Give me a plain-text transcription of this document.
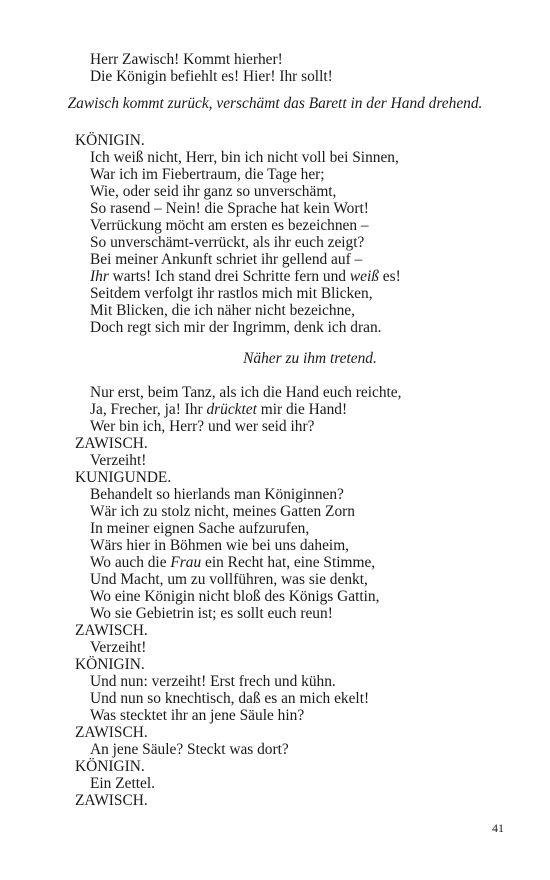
Herr Zawisch! Kommt hierher!
Die Königin befiehlt es! Hier! Ihr sollt!
Zawisch kommt zurück, verschämt das Barett in der Hand drehend.
KÖNIGIN.
Ich weiß nicht, Herr, bin ich nicht voll bei Sinnen,
War ich im Fiebertraum, die Tage her;
Wie, oder seid ihr ganz so unverschämt,
So rasend – Nein! die Sprache hat kein Wort!
Verrückung möcht am ersten es bezeichnen –
So unverschämt-verrückt, als ihr euch zeigt?
Bei meiner Ankunft schriet ihr gellend auf –
Ihr warts! Ich stand drei Schritte fern und weiß es!
Seitdem verfolgt ihr rastlos mich mit Blicken,
Mit Blicken, die ich näher nicht bezeichne,
Doch regt sich mir der Ingrimm, denk ich dran.
Näher zu ihm tretend.
Nur erst, beim Tanz, als ich die Hand euch reichte,
Ja, Frecher, ja! Ihr drücktet mir die Hand!
Wer bin ich, Herr? und wer seid ihr?
ZAWISCH.
Verzeiht!
KUNIGUNDE.
Behandelt so hierlands man Königinnen?
Wär ich zu stolz nicht, meines Gatten Zorn
In meiner eignen Sache aufzurufen,
Wärs hier in Böhmen wie bei uns daheim,
Wo auch die Frau ein Recht hat, eine Stimme,
Und Macht, um zu vollführen, was sie denkt,
Wo eine Königin nicht bloß des Königs Gattin,
Wo sie Gebietrin ist; es sollt euch reun!
ZAWISCH.
Verzeiht!
KÖNIGIN.
Und nun: verzeiht! Erst frech und kühn.
Und nun so knechtisch, daß es an mich ekelt!
Was stecktet ihr an jene Säule hin?
ZAWISCH.
An jene Säule? Steckt was dort?
KÖNIGIN.
Ein Zettel.
ZAWISCH.
41
